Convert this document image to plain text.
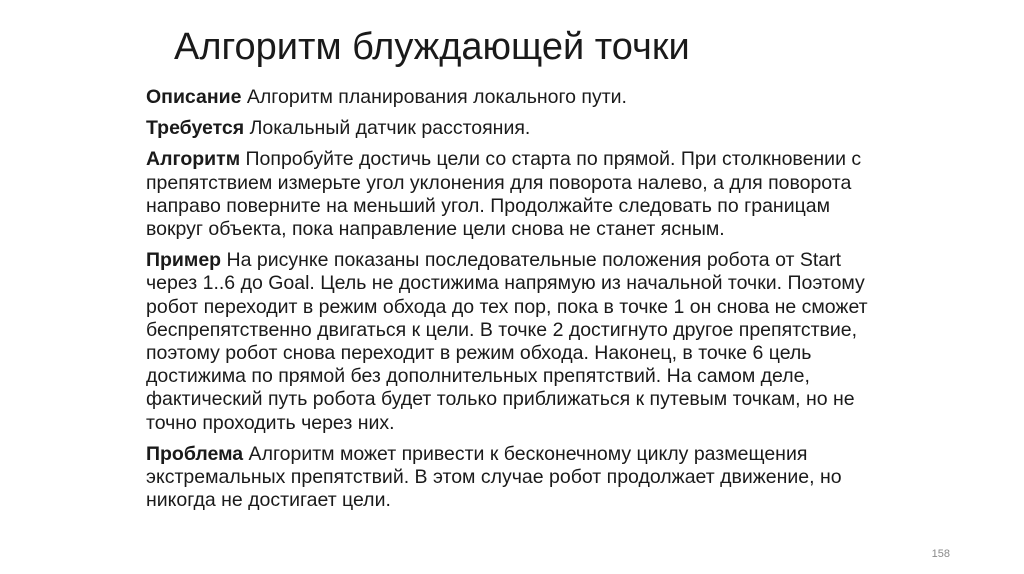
Алгоритм блуждающей точки

Описание Алгоритм планирования локального пути.

Требуется Локальный датчик расстояния.

Алгоритм Попробуйте достичь цели со старта по прямой. При столкновении с препятствием измерьте угол уклонения для поворота налево, а для поворота направо поверните на меньший угол. Продолжайте следовать по границам вокруг объекта, пока направление цели снова не станет ясным.

Пример На рисунке показаны последовательные положения робота от Start через 1..6 до Goal. Цель не достижима напрямую из начальной точки. Поэтому робот переходит в режим обхода до тех пор, пока в точке 1 он снова не сможет беспрепятственно двигаться к цели. В точке 2 достигнуто другое препятствие, поэтому робот снова переходит в режим обхода. Наконец, в точке 6 цель достижима по прямой без дополнительных препятствий. На самом деле, фактический путь робота будет только приближаться к путевым точкам, но не точно проходить через них.

Проблема Алгоритм может привести к бесконечному циклу размещения экстремальных препятствий. В этом случае робот продолжает движение, но никогда не достигает цели.

158
